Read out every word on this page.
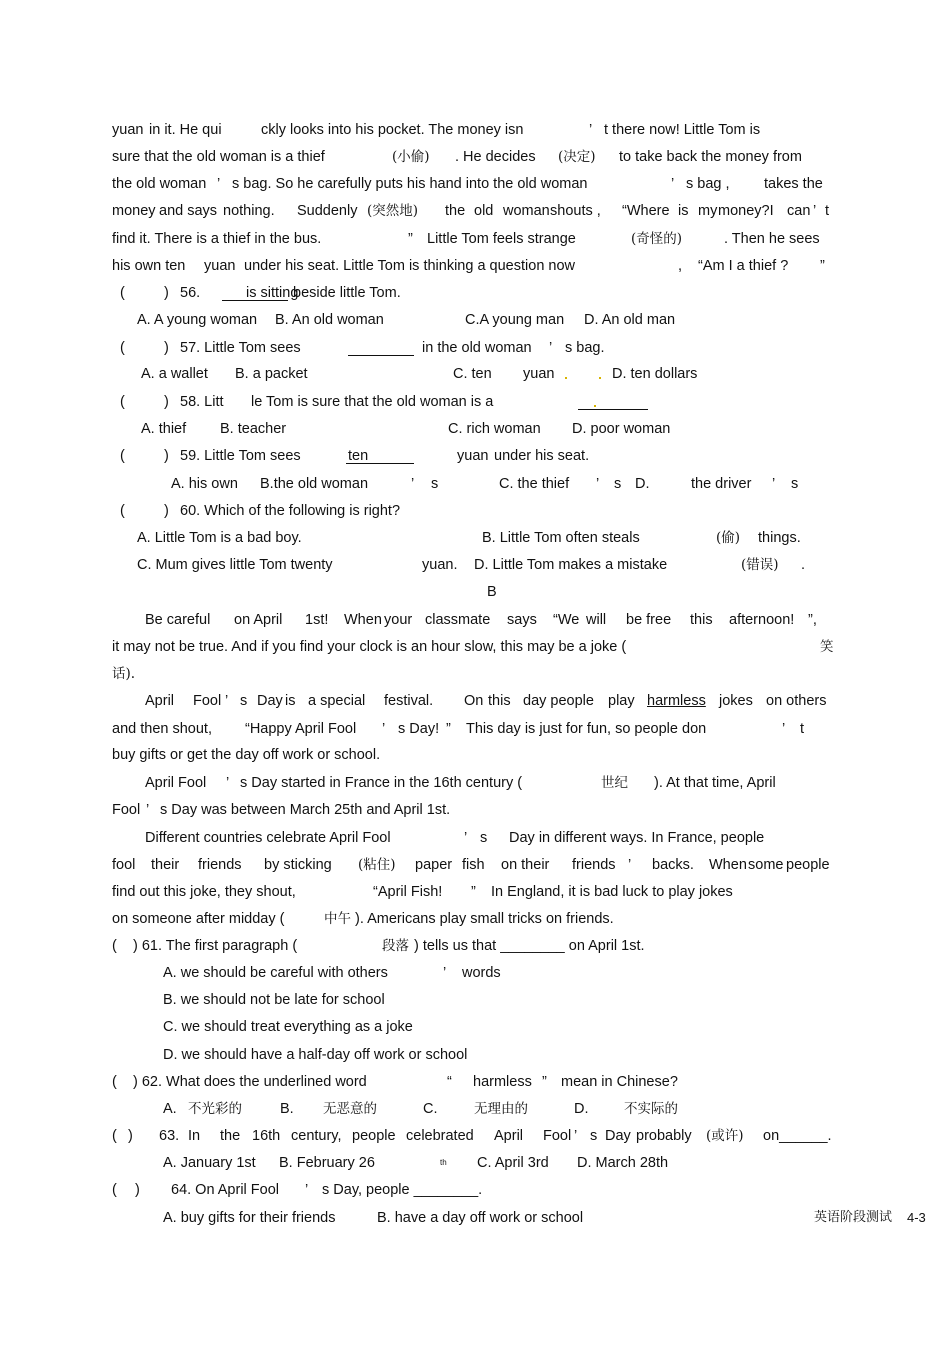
yuan in it. He qui	ckly looks into his pocket. The money isn	’ t there now! Little Tom is
sure that the old woman is a thief	(小偷) . He decides (决定) to take back the money from
the old woman ’ s bag. So he carefully puts his hand into the old woman	’ s bag , takes the
money and says nothing. Suddenly (突然地) the old woman shouts , “Where is my money?I can ’ t
find it. There is a thief in the bus.	” Little Tom feels strange	(奇怪的)	. Then he sees
his own ten yuan under his seat. Little Tom is thinking a question now	, “Am I a thief ? ”
(	) 56.	is sitting
beside little Tom.
A. A young woman B. An old woman	C.A young man D. An old man
(	) 57. Little Tom sees	in the old woman ’ s bag.
A. a wallet B. a packet	C. ten yuan	D. ten dollars
(	) 58. Litt le Tom is sure that the old woman is a
A. thief B. teacher	C. rich woman D. poor woman
(	) 59. Little Tom sees	ten	yuan under his seat.
A. his own B.the old woman	’ s	C. the thief ’ s D.	the driver ’ s
(	) 60. Which of the following is right?
A. Little Tom is a bad boy.	B. Little Tom often steals	(偷) things.
C. Mum gives little Tom twenty	yuan. D. Little Tom makes a mistake	(错误) .
B
Be careful on April 1st! When your classmate says “We will be free this afternoon! ”,
it may not be true. And if you find your clock is an hour slow, this may be a joke (	笑
话).
April Fool ’ s Day is a special festival. On this day people play harmless jokes on others
and then shout, “Happy April Fool ’ s Day! ” This day is just for fun, so people don	’ t
buy gifts or get the day off work or school.
April Fool ’ s Day started in France in the 16th century (	世纪 ). At that time, April
Fool ’ s Day was between March 25th and April 1st.
Different countries celebrate April Fool	’ s Day in different ways. In France, people
fool their friends by sticking (粘住) paper fish on their friends ’ backs. When some people
find out this joke, they shout,	“April Fish! ” In England, it is bad luck to play jokes
on someone after midday (	中午 ). Americans play small tricks on friends.
( ) 61. The first paragraph (	段落 ) tells us that ________ on April 1st.
A. we should be careful with others	’ words
B. we should not be late for school
C. we should treat everything as a joke
D. we should have a half-day off work or school
( ) 62. What does the underlined word	“ harmless ” mean in Chinese?
A. 不光彩的	B. 无恶意的	C.	无理由的	D.	不实际的
( ) 63. In the 16th century, people celebrated April Fool ’ s Day probably (或许) on______.
A. January 1st B. February 26	th C. April 3rd D. March 28th
( ) 64. On April Fool ’ s Day, people ________.
A. buy gifts for their friends	B. have a day off work or school	英语阶段测试 4-3
